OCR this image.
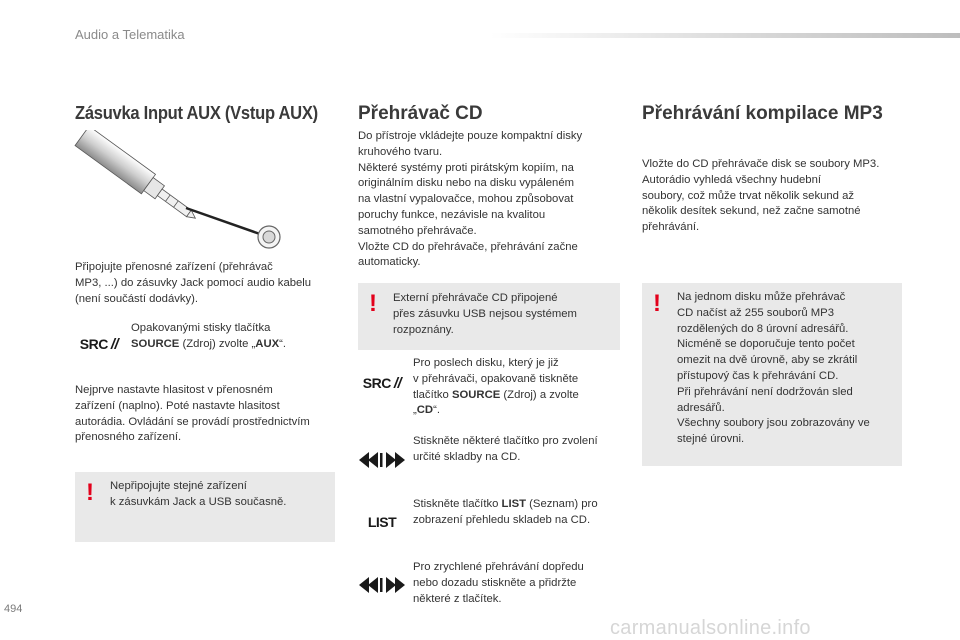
Audio a Telematika
Zásuvka Input AUX (Vstup AUX) Přehrávač CD	Přehrávání kompilace MP3
Připojujte přenosné zařízení (přehrávač
MP3, ...) do zásuvky Jack pomocí audio kabelu
(není součástí dodávky).
SRC / /
Opakovanými stisky tlačítka
SOURCE (Zdroj) zvolte „AUX“.
Nejprve nastavte hlasitost v přenosném
zařízení (naplno). Poté nastavte hlasitost
autorádia. Ovládání se provádí prostřednictvím
přenosného zařízení.
! Nepřipojujte stejné zařízení
k zásuvkám Jack a USB současně.
Do přístroje vkládejte pouze kompaktní disky
kruhového tvaru.
Některé systémy proti pirátským kopiím, na
originálním disku nebo na disku vypáleném
na vlastní vypalovačce, mohou způsobovat
poruchy funkce, nezávisle na kvalitou
samotného přehrávače.
Vložte CD do přehrávače, přehrávání začne
automaticky.
! Externí přehrávače CD připojené
přes zásuvku USB nejsou systémem
rozpoznány.
SRC / /
Pro poslech disku, který je již
v přehrávači, opakovaně tiskněte
tlačítko SOURCE (Zdroj) a zvolte
„CD“.
Stiskněte některé tlačítko pro zvolení
určité skladby na CD.
LIST
Stiskněte tlačítko LIST (Seznam) pro
zobrazení přehledu skladeb na CD.
Pro zrychlené přehrávání dopředu
nebo dozadu stiskněte a přidržte
některé z tlačítek.
Vložte do CD přehrávače disk se soubory MP3.
Autorádio vyhledá všechny hudební
soubory, což může trvat několik sekund až
několik desítek sekund, než začne samotné
přehrávání.
! Na jednom disku může přehrávač
CD načíst až 255 souborů MP3
rozdělených do 8 úrovní adresářů.
Nicméně se doporučuje tento počet
omezit na dvě úrovně, aby se zkrátil
přístupový čas k přehrávání CD.
Při přehrávání není dodržován sled
adresářů.
Všechny soubory jsou zobrazovány ve
stejné úrovni.
494
carmanualsonline.info
